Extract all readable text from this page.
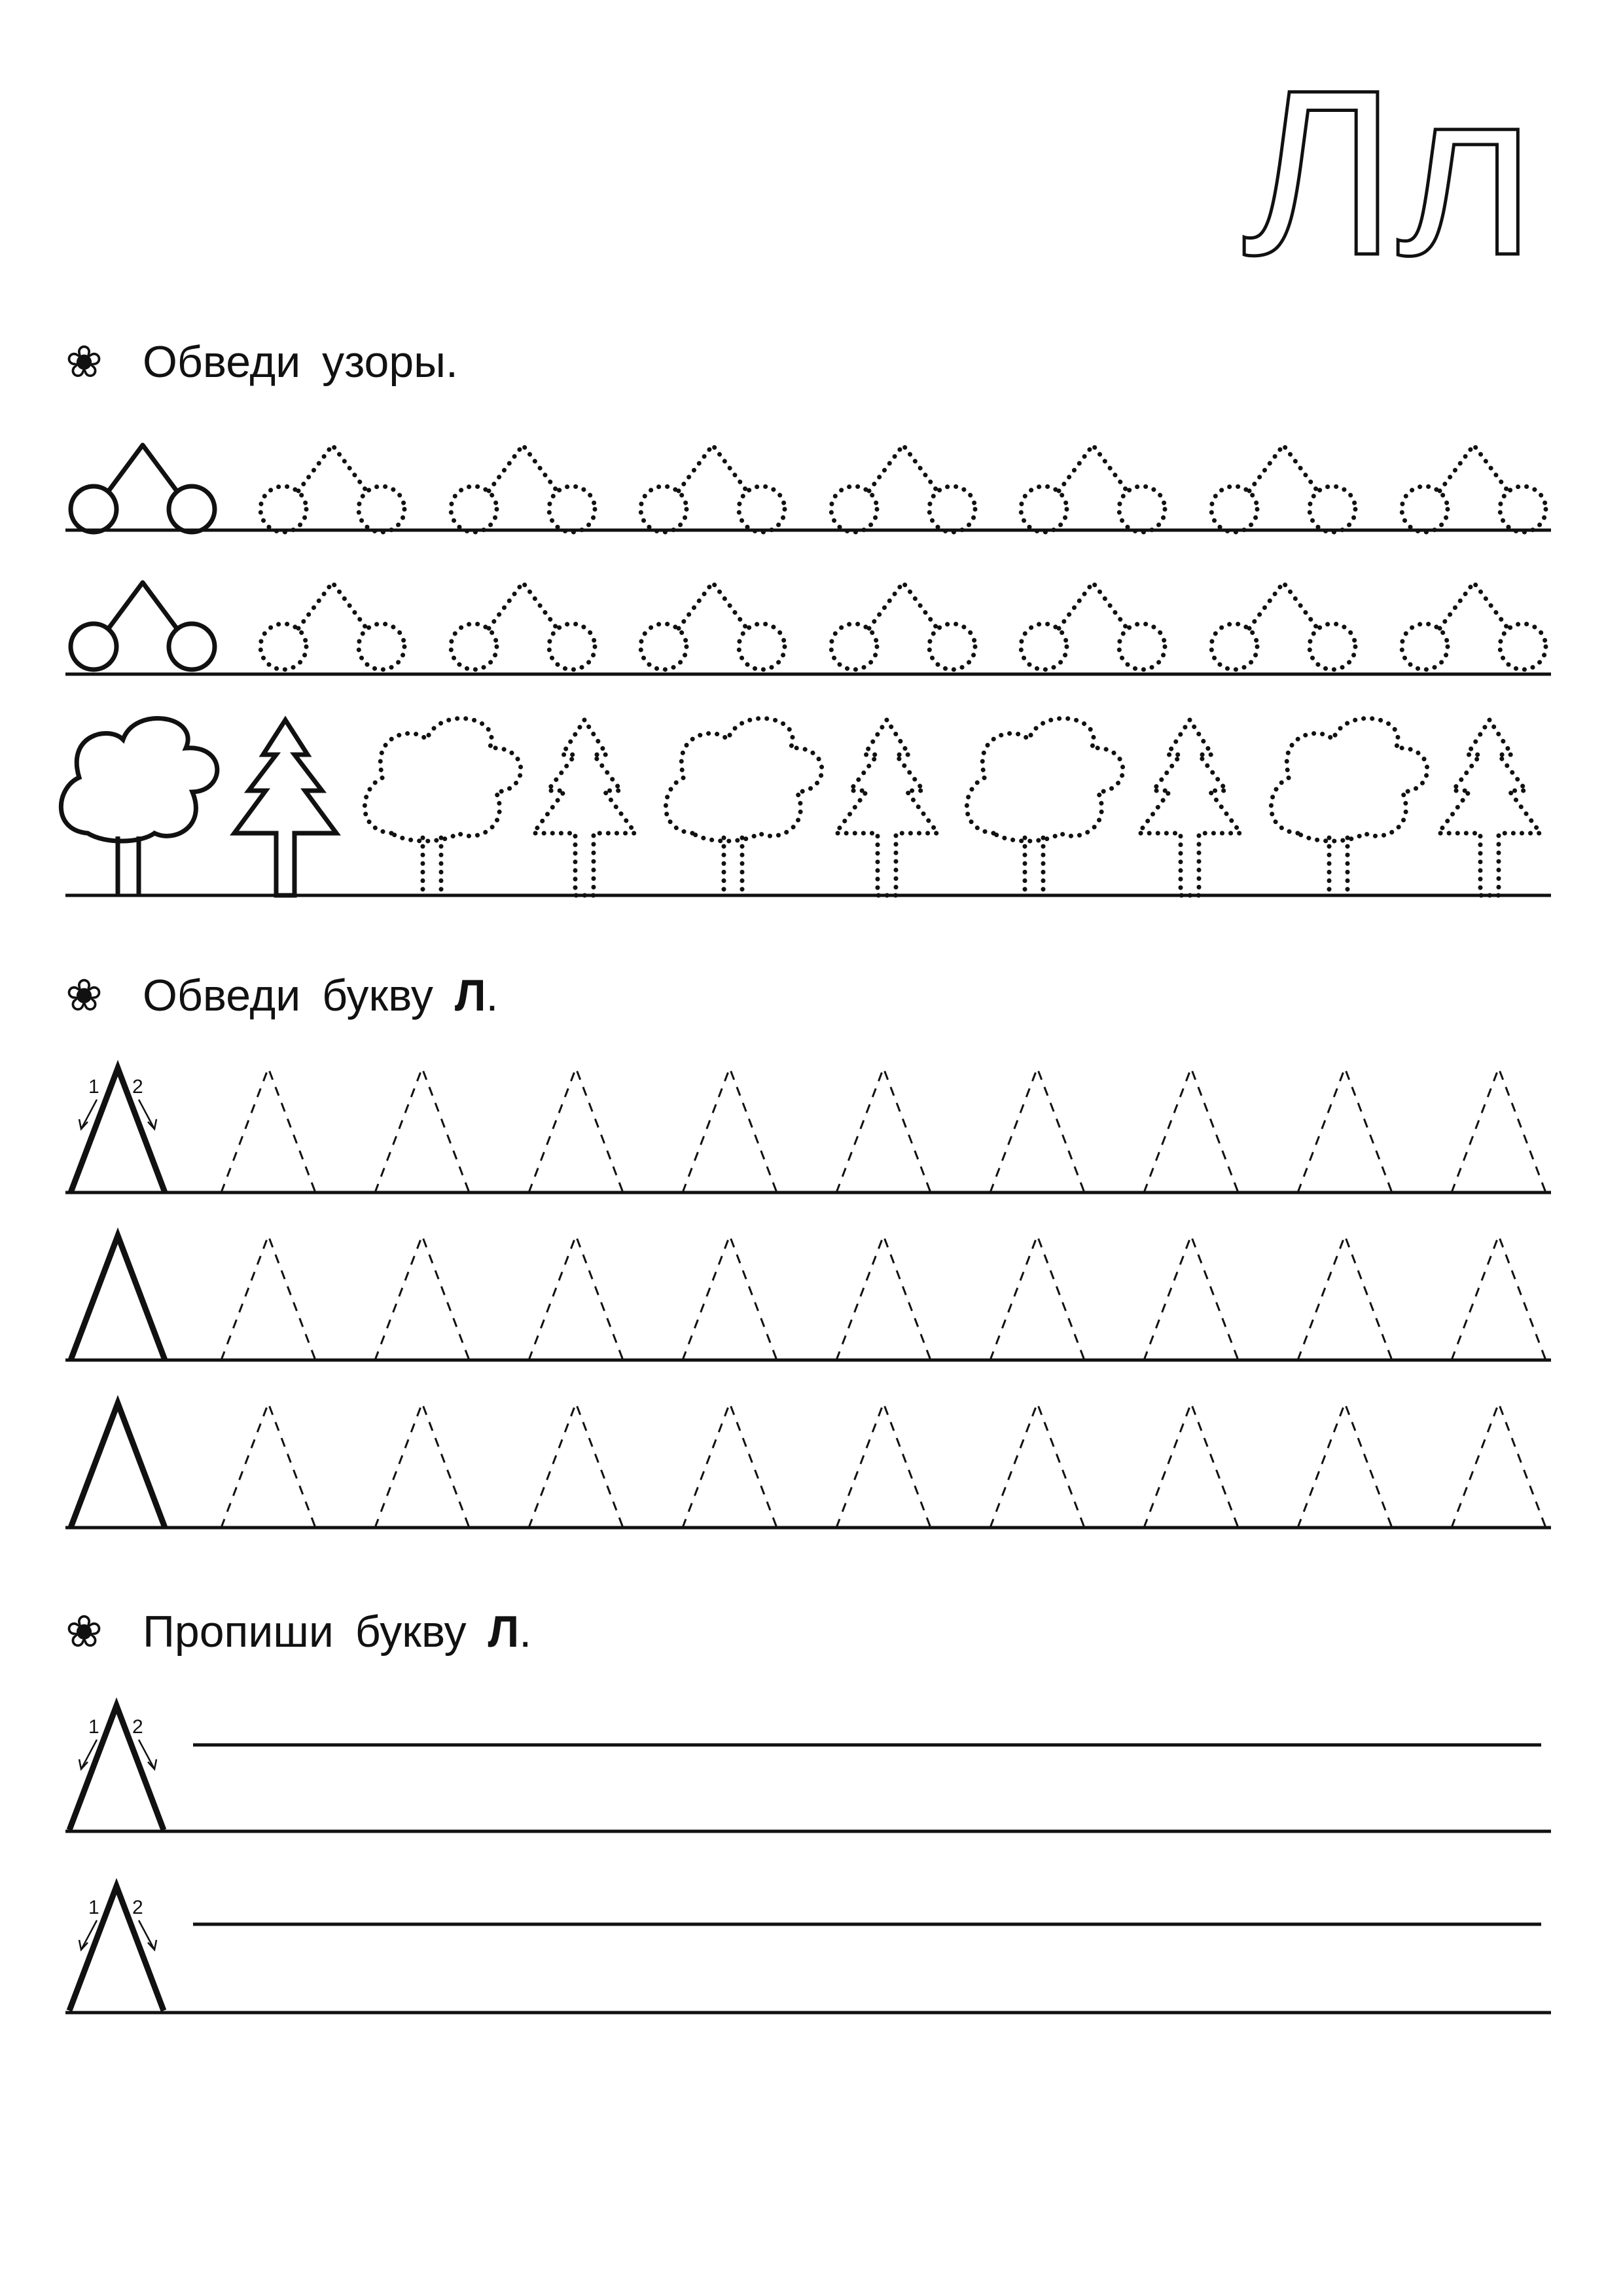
Лл
❀ Обведи узоры.
❀ Обведи букву Л.
1 2
❀ Пропиши букву Л.
1 2
1 2
